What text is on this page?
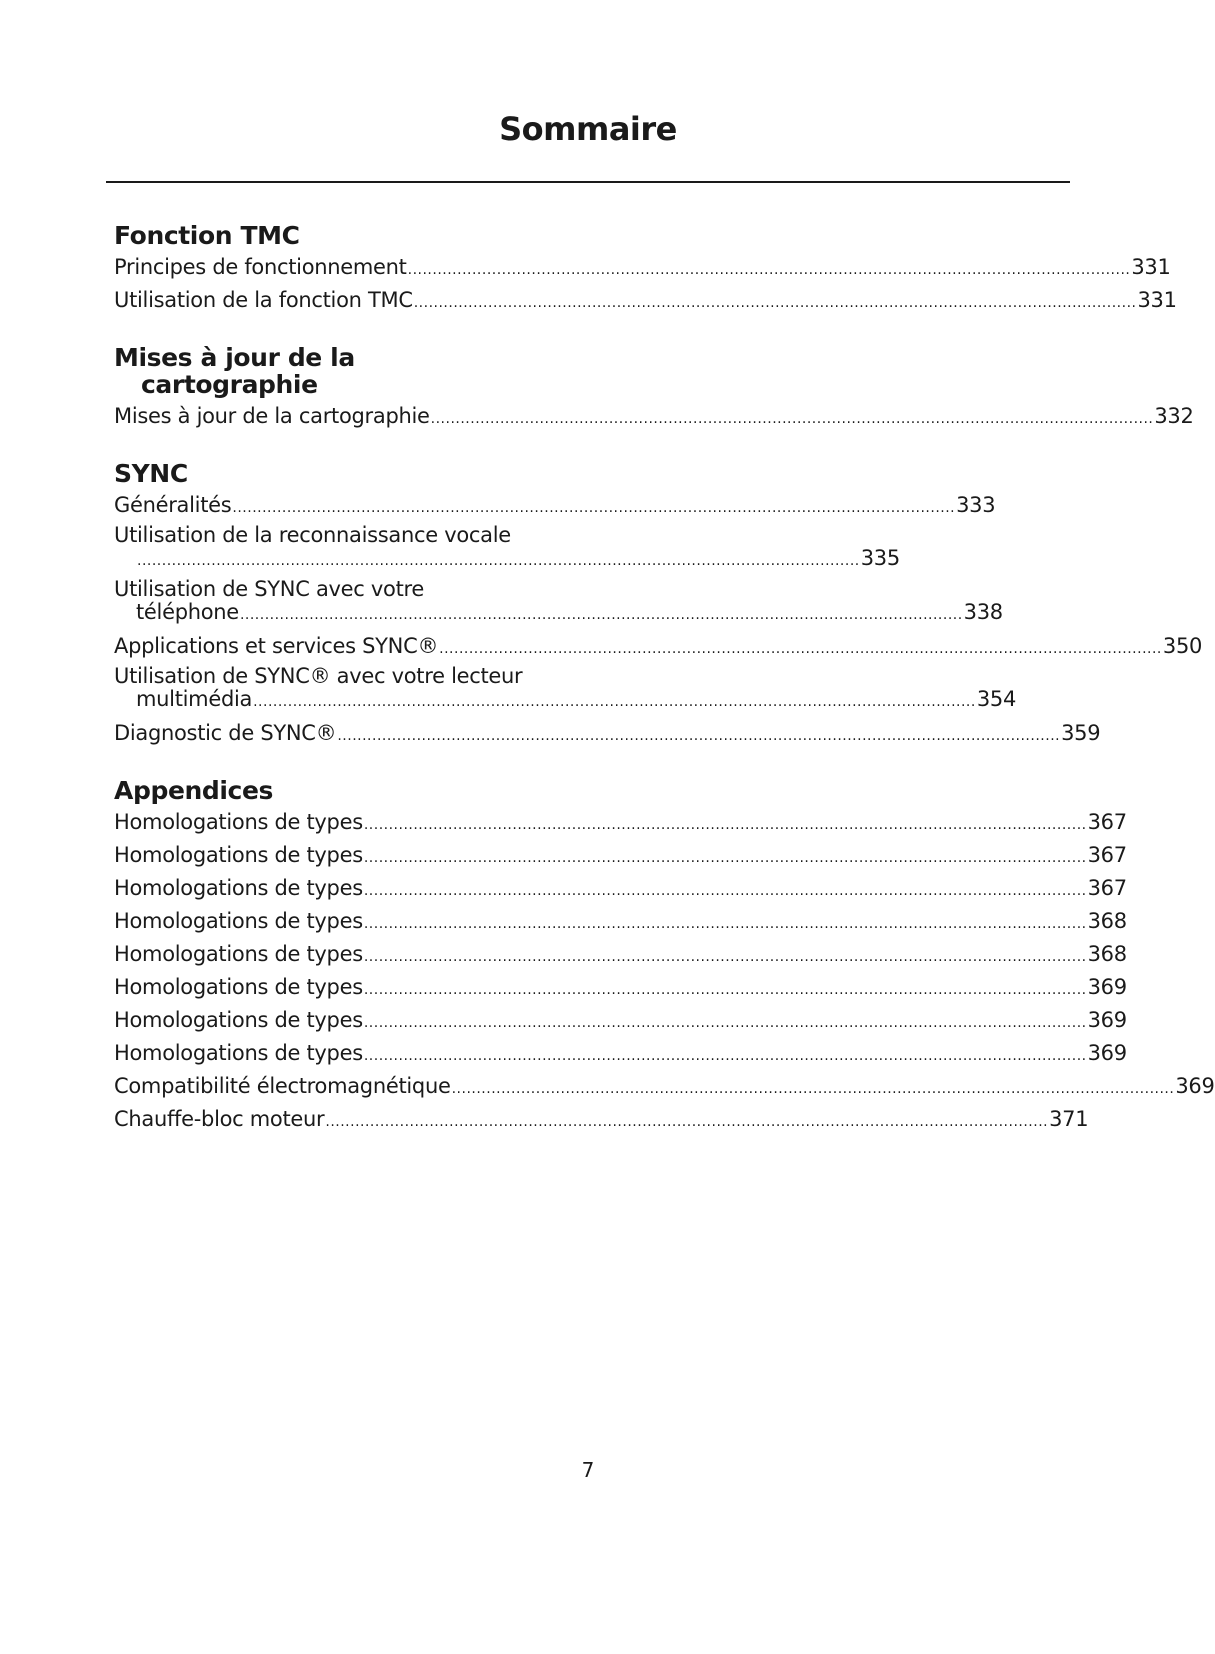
Sommaire
Fonction TMC
Principes de fonctionnement .................................................................................................................................................. 331
Utilisation de la fonction TMC .................................................................................................................................................. 331
Mises à jour de la
cartographie
Mises à jour de la cartographie .................................................................................................................................................. 332
SYNC
Généralités .................................................................................................................................................. 333
Utilisation de la reconnaissance vocale
.................................................................................................................................................. 335
Utilisation de SYNC avec votre
téléphone .................................................................................................................................................. 338
Applications et services SYNC® .................................................................................................................................................. 350
Utilisation de SYNC® avec votre lecteur
multimédia .................................................................................................................................................. 354
Diagnostic de SYNC® .................................................................................................................................................. 359
Appendices
Homologations de types .................................................................................................................................................. 367
Homologations de types .................................................................................................................................................. 367
Homologations de types .................................................................................................................................................. 367
Homologations de types .................................................................................................................................................. 368
Homologations de types .................................................................................................................................................. 368
Homologations de types .................................................................................................................................................. 369
Homologations de types .................................................................................................................................................. 369
Homologations de types .................................................................................................................................................. 369
Compatibilité électromagnétique .................................................................................................................................................. 369
Chauffe-bloc moteur .................................................................................................................................................. 371
7
